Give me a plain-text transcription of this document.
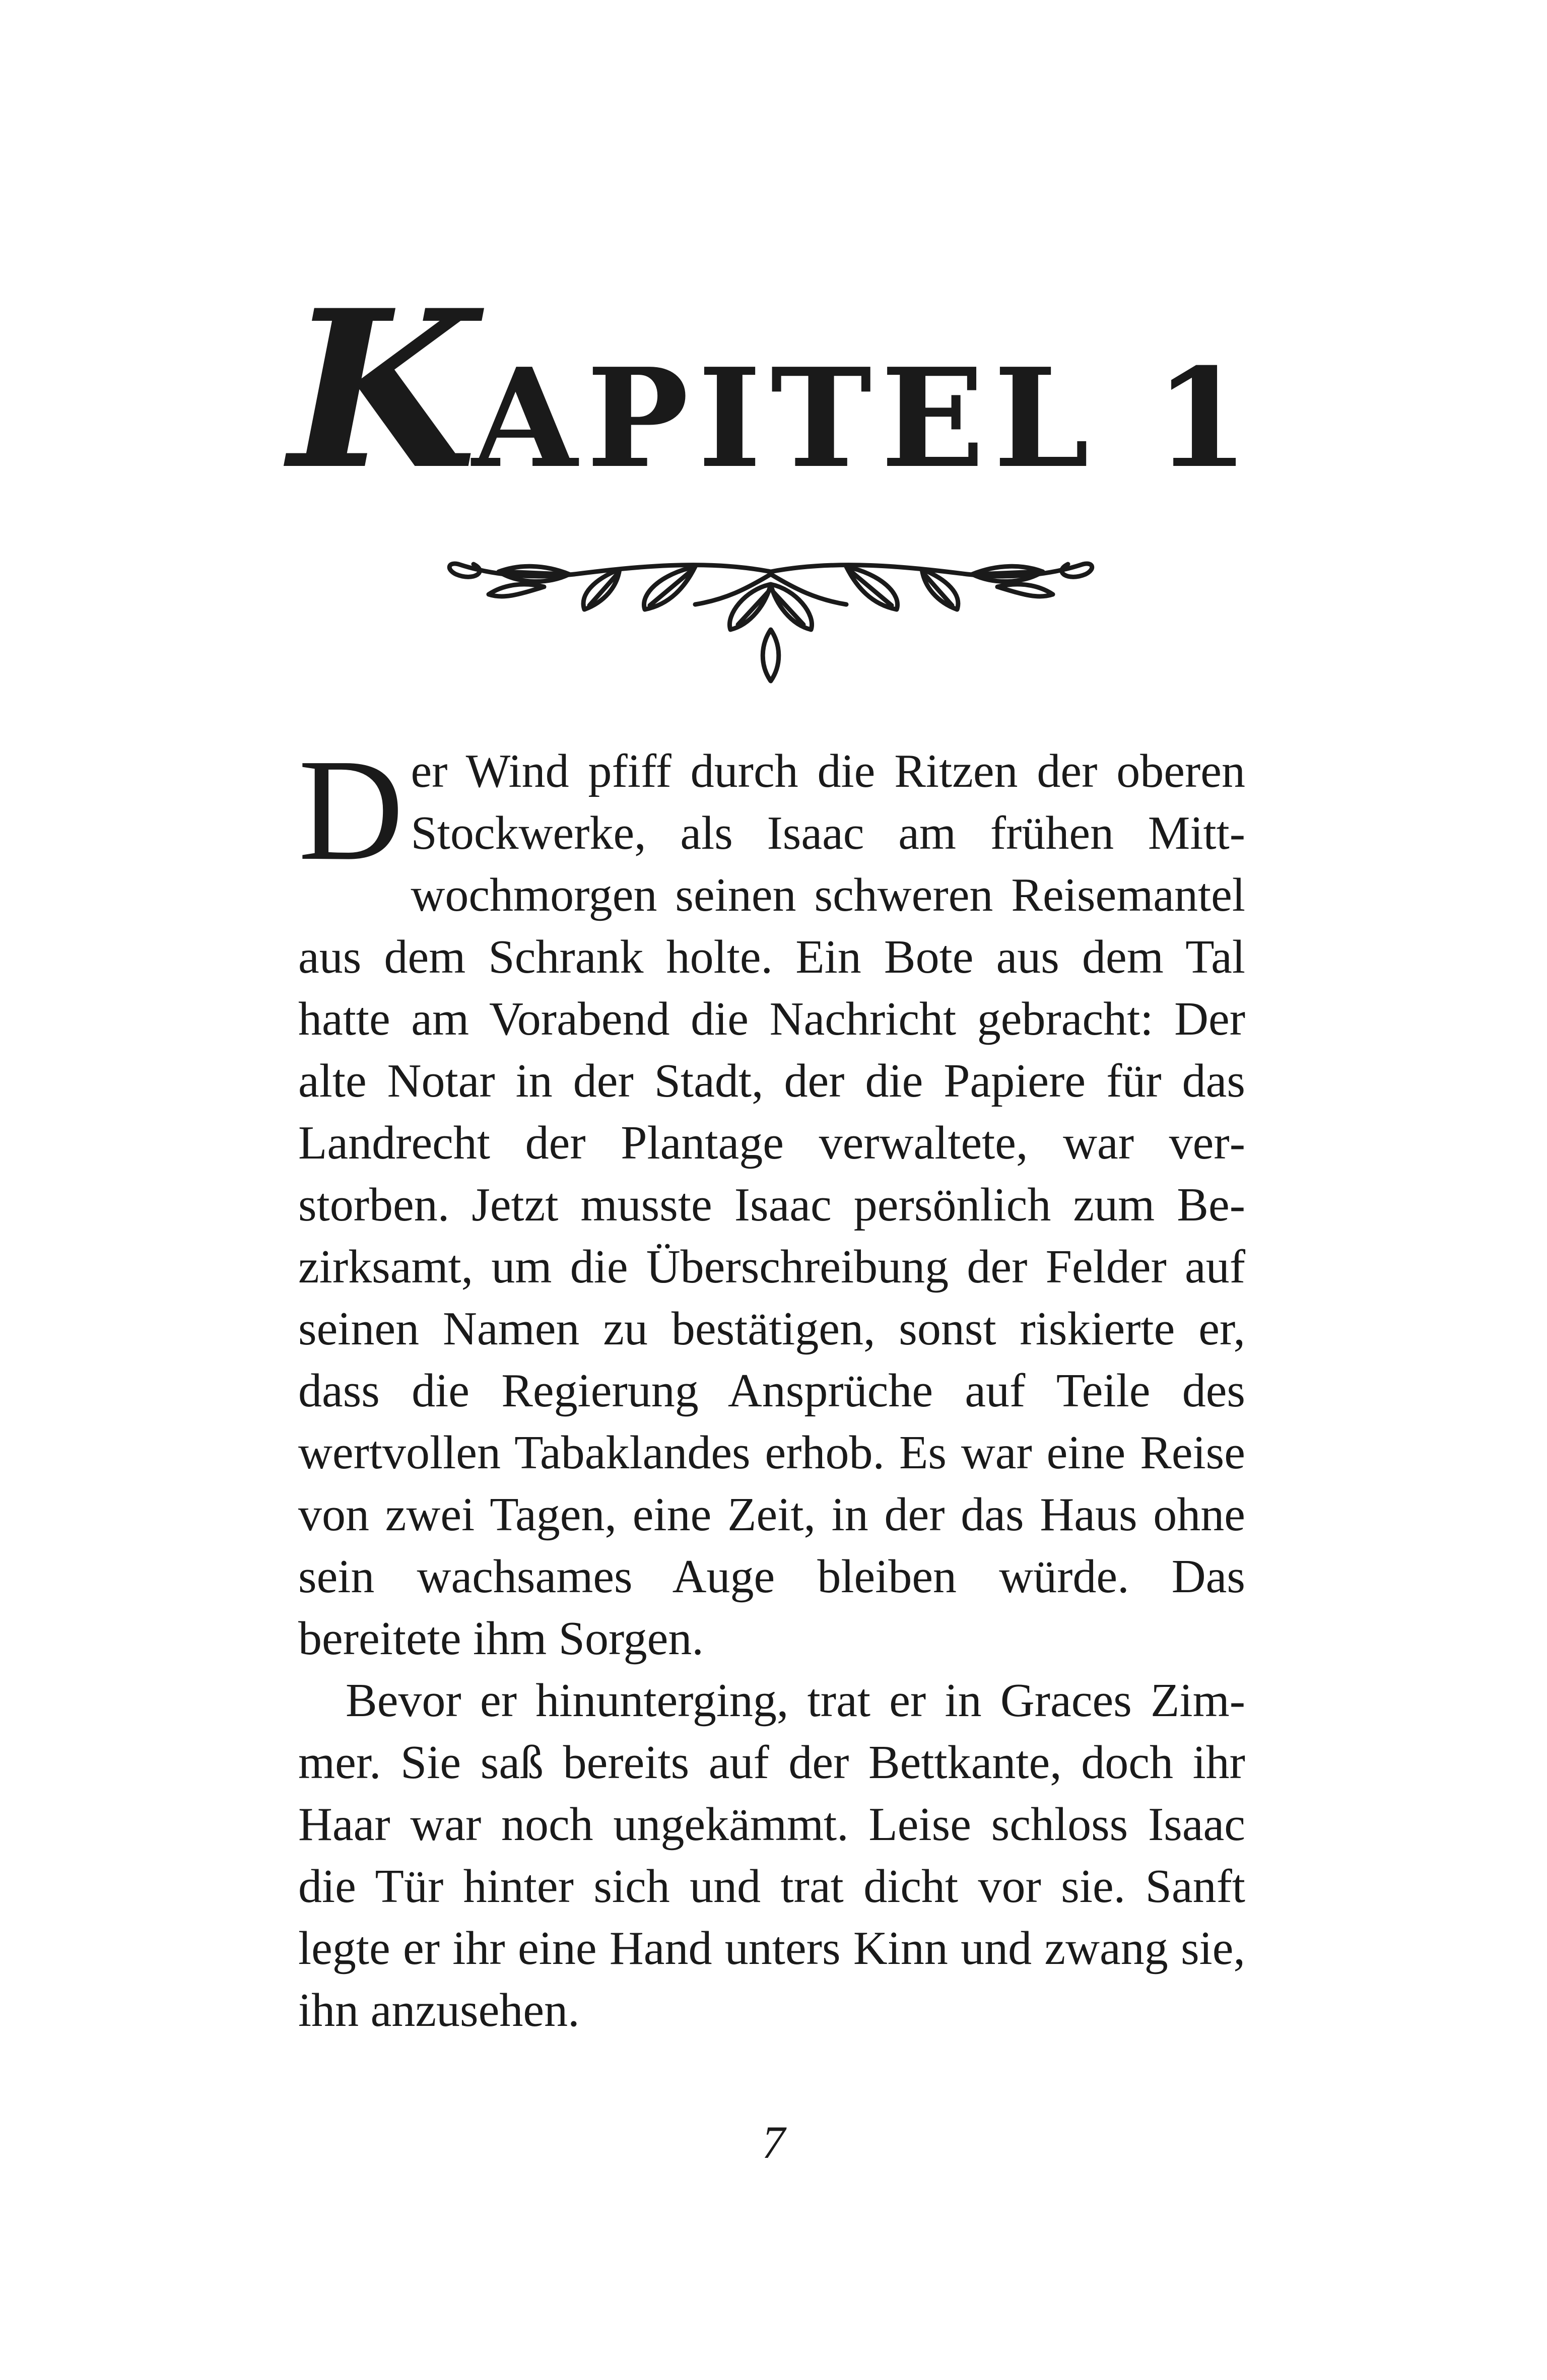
KAPITEL 1

Der Wind pfiff durch die Ritzen der oberen Stockwerke, als Isaac am frühen Mittwochmorgen seinen schweren Reisemantel aus dem Schrank holte. Ein Bote aus dem Tal hatte am Vorabend die Nachricht gebracht: Der alte Notar in der Stadt, der die Papiere für das Landrecht der Plantage verwaltete, war verstorben. Jetzt musste Isaac persönlich zum Bezirksamt, um die Überschreibung der Felder auf seinen Namen zu bestätigen, sonst riskierte er, dass die Regierung Ansprüche auf Teile des wertvollen Tabaklandes erhob. Es war eine Reise von zwei Tagen, eine Zeit, in der das Haus ohne sein wachsames Auge bleiben würde. Das bereitete ihm Sorgen.

Bevor er hinunterging, trat er in Graces Zimmer. Sie saß bereits auf der Bettkante, doch ihr Haar war noch ungekämmt. Leise schloss Isaac die Tür hinter sich und trat dicht vor sie. Sanft legte er ihr eine Hand unters Kinn und zwang sie, ihn anzusehen.

7
